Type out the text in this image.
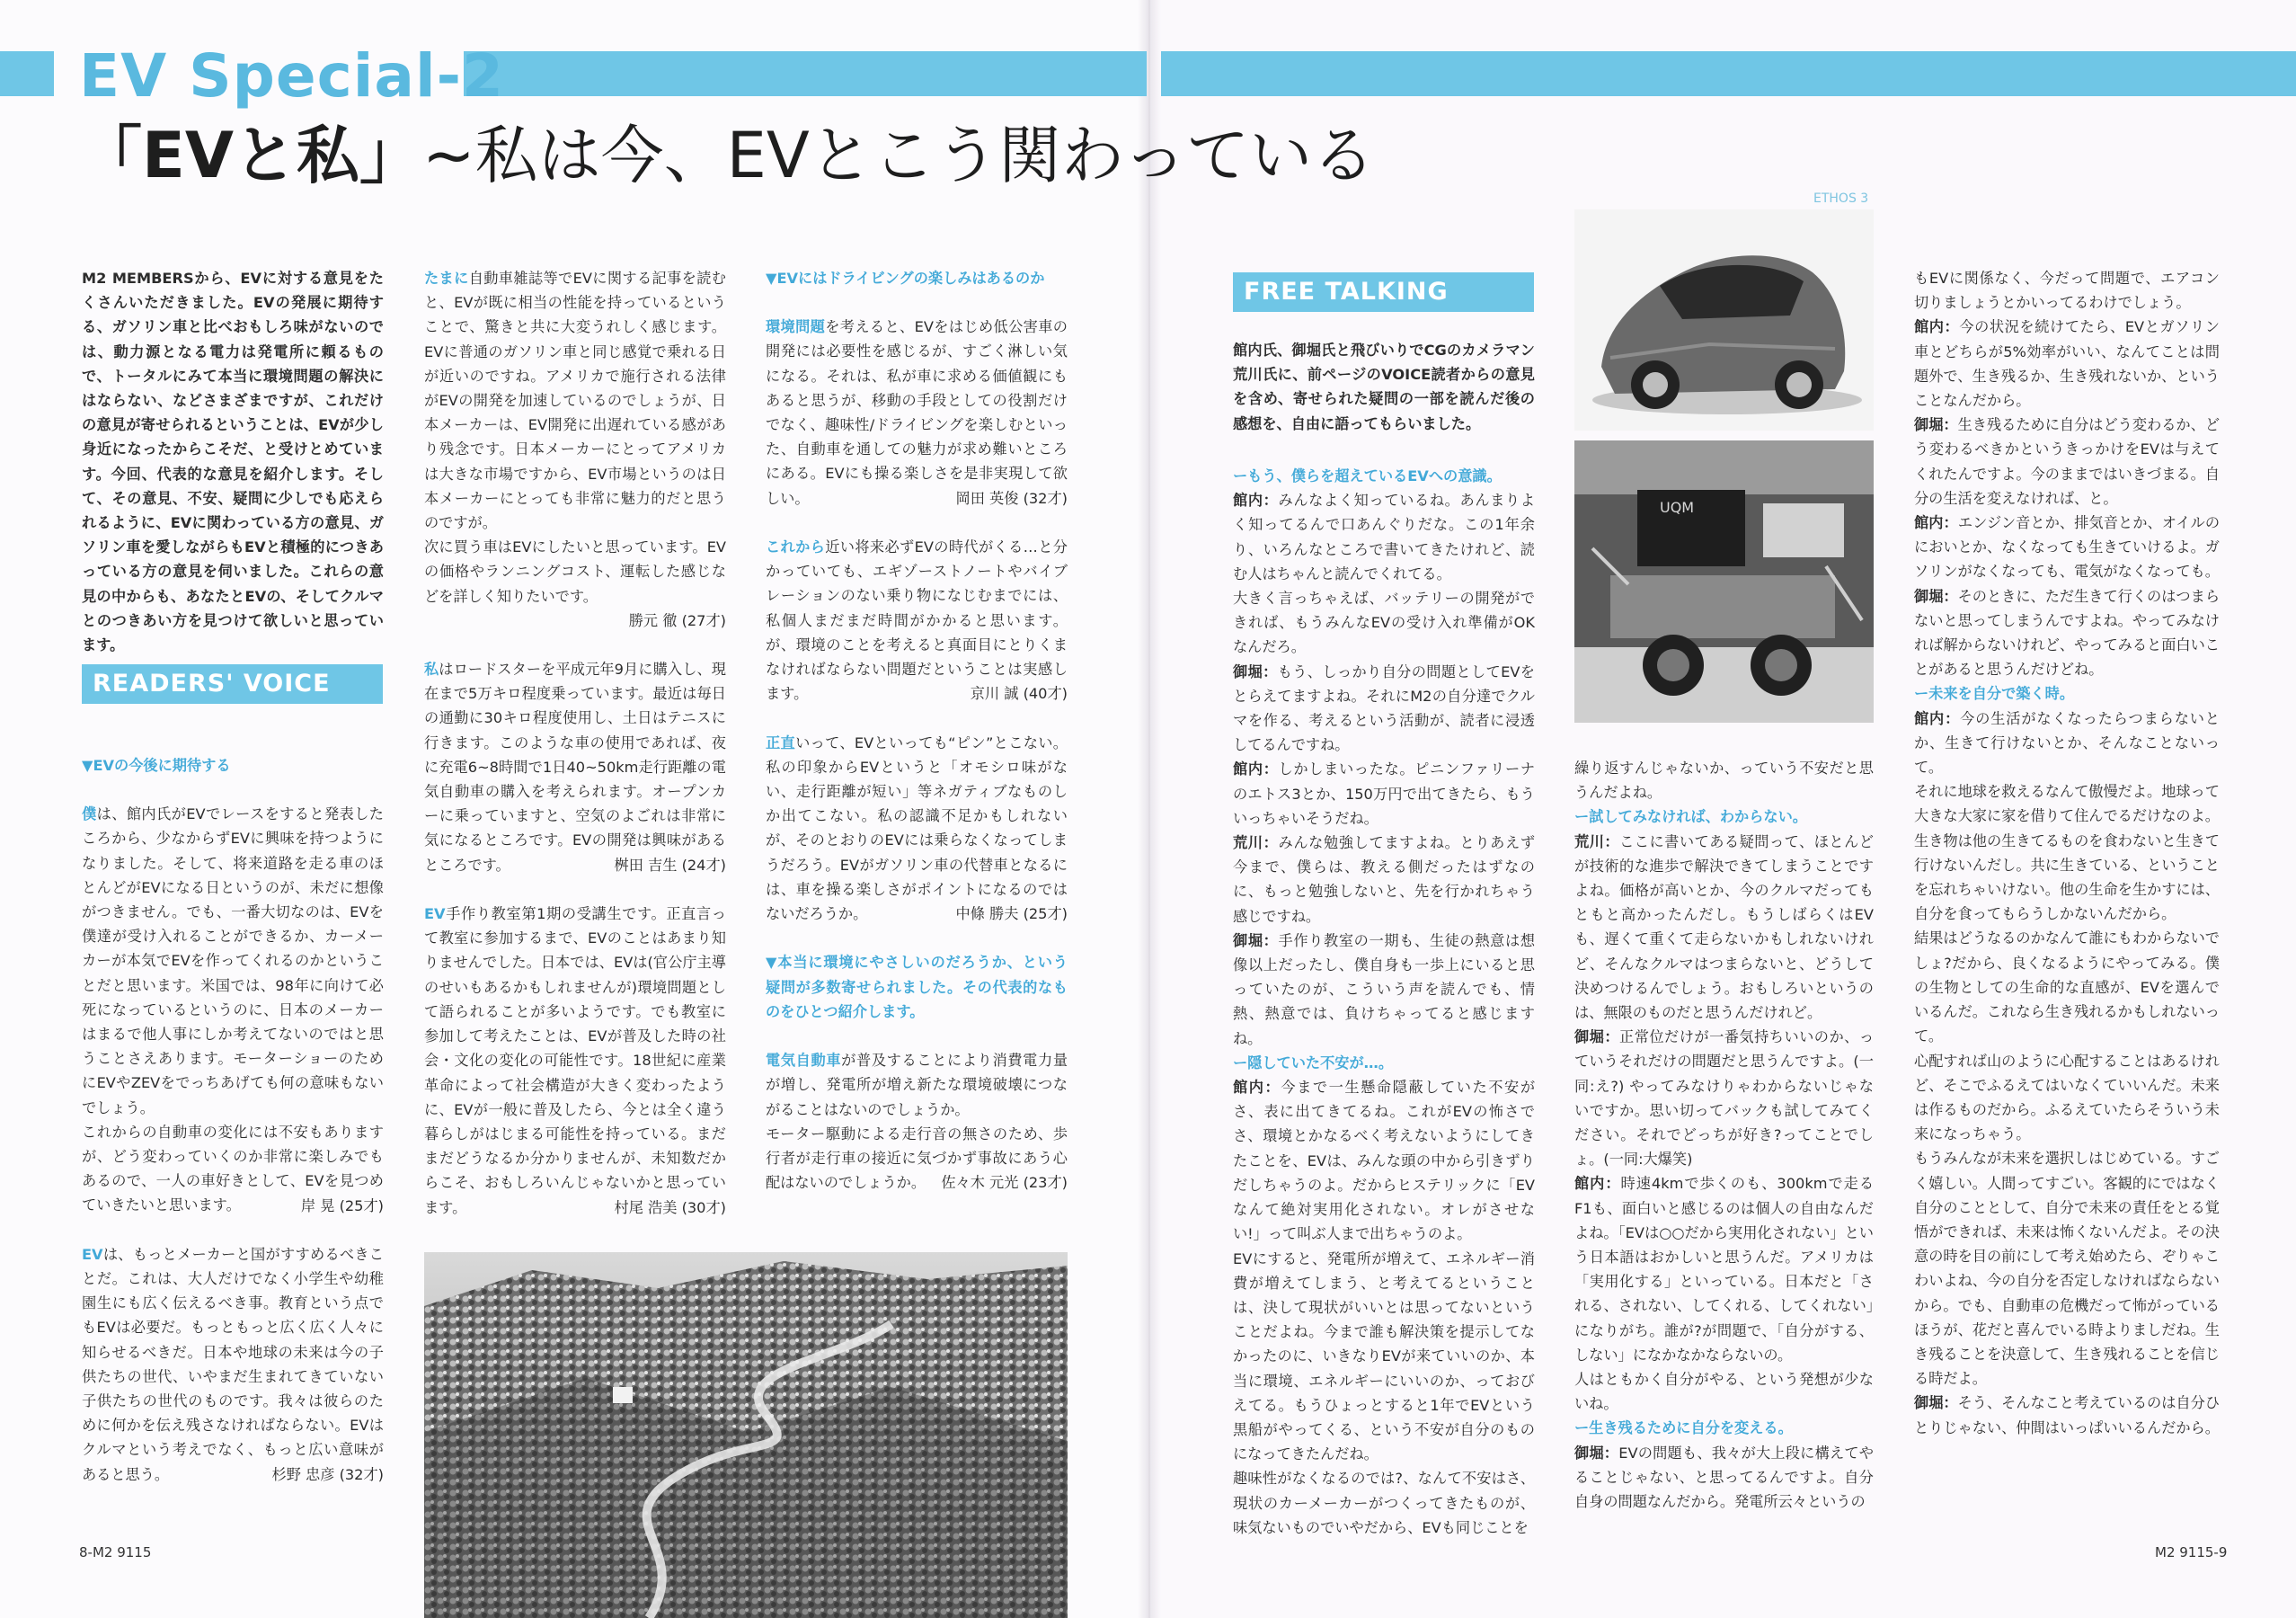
EV Special-2
「EVと私」~私は今、EVとこう関わっている

M2 MEMBERSから、EVに対する意見をたくさんいただきました。EVの発展に期待する、ガソリン車と比べおもしろ味がないのでは、動力源となる電力は発電所に頼るもので、トータルにみて本当に環境問題の解決にはならない、などさまざまですが、これだけの意見が寄せられるということは、EVが少し身近になったからこそだ、と受けとめています。今回、代表的な意見を紹介します。そして、その意見、不安、疑問に少しでも応えられるように、EVに関わっている方の意見、ガソリン車を愛しながらもEVと積極的につきあっている方の意見を伺いました。これらの意見の中からも、あなたとEVの、そしてクルマとのつきあい方を見つけて欲しいと思っています。

READERS' VOICE

▼EVの今後に期待する

僕は、館内氏がEVでレースをすると発表したころから、少なからずEVに興味を持つようになりました。そして、将来道路を走る車のほとんどがEVになる日というのが、未だに想像がつきません。でも、一番大切なのは、EVを僕達が受け入れることができるか、カーメーカーが本気でEVを作ってくれるのかということだと思います。米国では、98年に向けて必死になっているというのに、日本のメーカーはまるで他人事にしか考えてないのではと思うことさえあります。モーターショーのためにEVやZEVをでっちあげても何の意味もないでしょう。

これからの自動車の変化には不安もありますが、どう変わっていくのか非常に楽しみでもあるので、一人の車好きとして、EVを見つめていきたいと思います。	岸 晃 (25才)

EVは、もっとメーカーと国がすすめるべきことだ。これは、大人だけでなく小学生や幼稚園生にも広く伝えるべき事。教育という点でもEVは必要だ。もっともっと広く広く人々に知らせるべきだ。日本や地球の未来は今の子供たちの世代、いやまだ生まれてきていない子供たちの世代のものです。我々は彼らのために何かを伝え残さなければならない。EVはクルマという考えでなく、もっと広い意味があると思う。	杉野 忠彦 (32才)

たまに自動車雑誌等でEVに関する記事を読むと、EVが既に相当の性能を持っているということで、驚きと共に大変うれしく感じます。EVに普通のガソリン車と同じ感覚で乗れる日が近いのですね。アメリカで施行される法律がEVの開発を加速しているのでしょうが、日本メーカーは、EV開発に出遅れている感があり残念です。日本メーカーにとってアメリカは大きな市場ですから、EV市場というのは日本メーカーにとっても非常に魅力的だと思うのですが。

次に買う車はEVにしたいと思っています。EVの価格やランニングコスト、運転した感じなどを詳しく知りたいです。

勝元 徹 (27才)

私はロードスターを平成元年9月に購入し、現在まで5万キロ程度乗っています。最近は毎日の通勤に30キロ程度使用し、土日はテニスに行きます。このような車の使用であれば、夜に充電6~8時間で1日40~50km走行距離の電気自動車の購入を考えられます。オープンカーに乗っていますと、空気のよごれは非常に気になるところです。EVの開発は興味があるところです。	桝田 吉生 (24才)

EV手作り教室第1期の受講生です。正直言って教室に参加するまで、EVのことはあまり知りませんでした。日本では、EVは(官公庁主導のせいもあるかもしれませんが)環境問題として語られることが多いようです。でも教室に参加して考えたことは、EVが普及した時の社会・文化の変化の可能性です。18世紀に産業革命によって社会構造が大きく変わったように、EVが一般に普及したら、今とは全く違う暮らしがはじまる可能性を持っている。まだまだどうなるか分かりませんが、未知数だからこそ、おもしろいんじゃないかと思っています。	村尾 浩美 (30才)

▼EVにはドライビングの楽しみはあるのか

環境問題を考えると、EVをはじめ低公害車の開発には必要性を感じるが、すごく淋しい気になる。それは、私が車に求める価値観にもあると思うが、移動の手段としての役割だけでなく、趣味性/ドライビングを楽しむといった、自動車を通しての魅力が求め難いところにある。EVにも操る楽しさを是非実現して欲しい。	岡田 英俊 (32才)

これから近い将来必ずEVの時代がくる…と分かっていても、エギゾーストノートやバイブレーションのない乗り物になじむまでには、私個人まだまだ時間がかかると思います。が、環境のことを考えると真面目にとりくまなければならない問題だということは実感します。	京川 誠 (40才)

正直いって、EVといっても“ピン”とこない。私の印象からEVというと「オモシロ味がない、走行距離が短い」等ネガティブなものしか出てこない。私の認識不足かもしれないが、そのとおりのEVには乗らなくなってしまうだろう。EVがガソリン車の代替車となるには、車を操る楽しさがポイントになるのではないだろうか。	中條 勝夫 (25才)

▼本当に環境にやさしいのだろうか、という疑問が多数寄せられました。その代表的なものをひとつ紹介します。

電気自動車が普及することにより消費電力量が増し、発電所が増え新たな環境破壊につながることはないのでしょうか。

モーター駆動による走行音の無さのため、歩行者が走行車の接近に気づかず事故にあう心配はないのでしょうか。	佐々木 元光 (23才)

8-M2 9115
FREE TALKING

館内氏、御堀氏と飛びいりでCGのカメラマン荒川氏に、前ページのVOICE読者からの意見を含め、寄せられた疑問の一部を読んだ後の感想を、自由に語ってもらいました。

ETHOS 3
UQM

ーもう、僕らを超えているEVへの意識。

館内：みんなよく知っているね。あんまりよく知ってるんで口あんぐりだな。この1年余り、いろんなところで書いてきたけれど、読む人はちゃんと読んでくれてる。

大きく言っちゃえば、バッテリーの開発ができれば、もうみんなEVの受け入れ準備がOKなんだろ。

御堀：もう、しっかり自分の問題としてEVをとらえてますよね。それにM2の自分達でクルマを作る、考えるという活動が、読者に浸透してるんですね。

館内：しかしまいったな。ピニンファリーナのエトス3とか、150万円で出てきたら、もういっちゃいそうだね。

荒川：みんな勉強してますよね。とりあえず今まで、僕らは、教える側だったはずなのに、もっと勉強しないと、先を行かれちゃう感じですね。

御堀：手作り教室の一期も、生徒の熱意は想像以上だったし、僕自身も一歩上にいると思っていたのが、こういう声を読んでも、情熱、熱意では、負けちゃってると感じますね。

ー隠していた不安が…。

館内：今まで一生懸命隠蔽していた不安がさ、表に出てきてるね。これがEVの怖さでさ、環境とかなるべく考えないようにしてきたことを、EVは、みんな頭の中から引きずりだしちゃうのよ。だからヒステリックに「EVなんて絶対実用化されない。オレがさせない!」って叫ぶ人まで出ちゃうのよ。

EVにすると、発電所が増えて、エネルギー消費が増えてしまう、と考えてるということは、決して現状がいいとは思ってないということだよね。今まで誰も解決策を提示してなかったのに、いきなりEVが来ていいのか、本当に環境、エネルギーにいいのか、っておびえてる。もうひょっとすると1年でEVという黒船がやってくる、という不安が自分のものになってきたんだね。

趣味性がなくなるのでは?、なんて不安はさ、現状のカーメーカーがつくってきたものが、味気ないものでいやだから、EVも同じことを

繰り返すんじゃないか、っていう不安だと思うんだよね。

ー試してみなければ、わからない。

荒川：ここに書いてある疑問って、ほとんどが技術的な進歩で解決できてしまうことですよね。価格が高いとか、今のクルマだってもともと高かったんだし。もうしばらくはEVも、遅くて重くて走らないかもしれないけれど、そんなクルマはつまらないと、どうして決めつけるんでしょう。おもしろいというのは、無限のものだと思うんだけれど。

御堀：正常位だけが一番気持ちいいのか、っていうそれだけの問題だと思うんですよ。(一同:え?) やってみなけりゃわからないじゃないですか。思い切ってバックも試してみてください。それでどっちが好き?ってことでしょ。(一同:大爆笑)

館内：時速4kmで歩くのも、300kmで走るF1も、面白いと感じるのは個人の自由なんだよね。「EVは○○だから実用化されない」という日本語はおかしいと思うんだ。アメリカは「実用化する」といっている。日本だと「される、されない、してくれる、してくれない」になりがち。誰が?が問題で、「自分がする、しない」になかなかならないの。

人はともかく自分がやる、という発想が少ないね。

ー生き残るために自分を変える。

御堀：EVの問題も、我々が大上段に構えてやることじゃない、と思ってるんですよ。自分自身の問題なんだから。発電所云々というの

もEVに関係なく、今だって問題で、エアコン切りましょうとかいってるわけでしょう。

館内：今の状況を続けてたら、EVとガソリン車とどちらが5%効率がいい、なんてことは問題外で、生き残るか、生き残れないか、ということなんだから。

御堀：生き残るために自分はどう変わるか、どう変わるべきかというきっかけをEVは与えてくれたんですよ。今のままではいきづまる。自分の生活を変えなければ、と。

館内：エンジン音とか、排気音とか、オイルのにおいとか、なくなっても生きていけるよ。ガソリンがなくなっても、電気がなくなっても。

御堀：そのときに、ただ生きて行くのはつまらないと思ってしまうんですよね。やってみなければ解からないけれど、やってみると面白いことがあると思うんだけどね。

ー未来を自分で築く時。

館内：今の生活がなくなったらつまらないとか、生きて行けないとか、そんなことないって。

それに地球を救えるなんて傲慢だよ。地球って大きな大家に家を借りて住んでるだけなのよ。生き物は他の生きてるものを食わないと生きて行けないんだし。共に生きている、ということを忘れちゃいけない。他の生命を生かすには、自分を食ってもらうしかないんだから。

結果はどうなるのかなんて誰にもわからないでしょ?だから、良くなるようにやってみる。僕の生物としての生命的な直感が、EVを選んでいるんだ。これなら生き残れるかもしれないって。

心配すれば山のように心配することはあるけれど、そこでふるえてはいなくていいんだ。未来は作るものだから。ふるえていたらそういう未来になっちゃう。

もうみんなが未来を選択しはじめている。すごく嬉しい。人間ってすごい。客観的にではなく自分のこととして、自分で未来の責任をとる覚悟ができれば、未来は怖くないんだよ。その決意の時を目の前にして考え始めたら、ぞりゃこわいよね、今の自分を否定しなければならないから。でも、自動車の危機だって怖がっているほうが、花だと喜んでいる時よりましだね。生き残ることを決意して、生き残れることを信じる時だよ。

御堀：そう、そんなこと考えているのは自分ひとりじゃない、仲間はいっぱいいるんだから。

M2 9115-9
